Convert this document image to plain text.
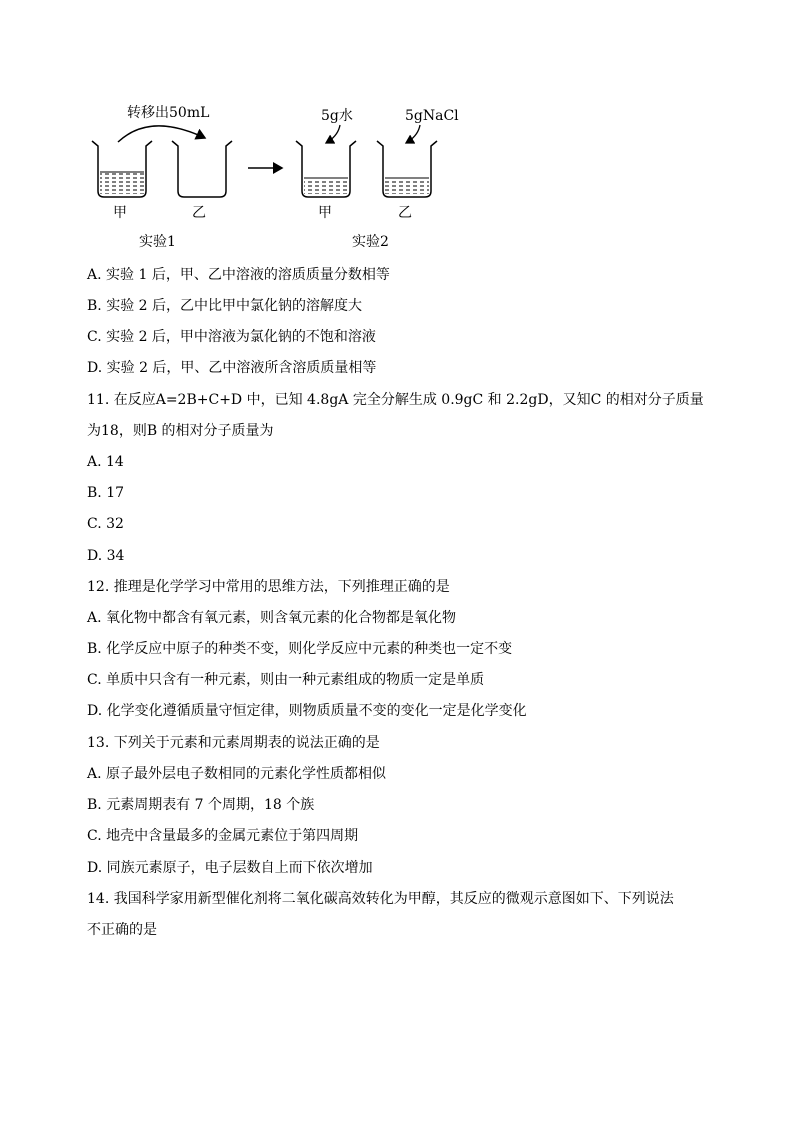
转移出50mL
甲	乙
5g水
甲
5gNaCl
乙
实验1	实验2
A. 实验 1 后，甲、乙中溶液的溶质质量分数相等
B. 实验 2 后，乙中比甲中氯化钠的溶解度大
C. 实验 2 后，甲中溶液为氯化钠的不饱和溶液
D. 实验 2 后，甲、乙中溶液所含溶质质量相等
11. 在反应A=2B+C+D 中，已知 4.8gA 完全分解生成 0.9gC 和 2.2gD，又知C 的相对分子质量
为18，则B 的相对分子质量为
A. 14
B. 17
C. 32
D. 34
12. 推理是化学学习中常用的思维方法，下列推理正确的是
A. 氧化物中都含有氧元素，则含氧元素的化合物都是氧化物
B. 化学反应中原子的种类不变，则化学反应中元素的种类也一定不变
C. 单质中只含有一种元素，则由一种元素组成的物质一定是单质
D. 化学变化遵循质量守恒定律，则物质质量不变的变化一定是化学变化
13. 下列关于元素和元素周期表的说法正确的是
A. 原子最外层电子数相同的元素化学性质都相似
B. 元素周期表有 7 个周期，18 个族
C. 地壳中含量最多的金属元素位于第四周期
D. 同族元素原子，电子层数自上而下依次增加
14. 我国科学家用新型催化剂将二氧化碳高效转化为甲醇，其反应的微观示意图如下、下列说法
不正确的是
